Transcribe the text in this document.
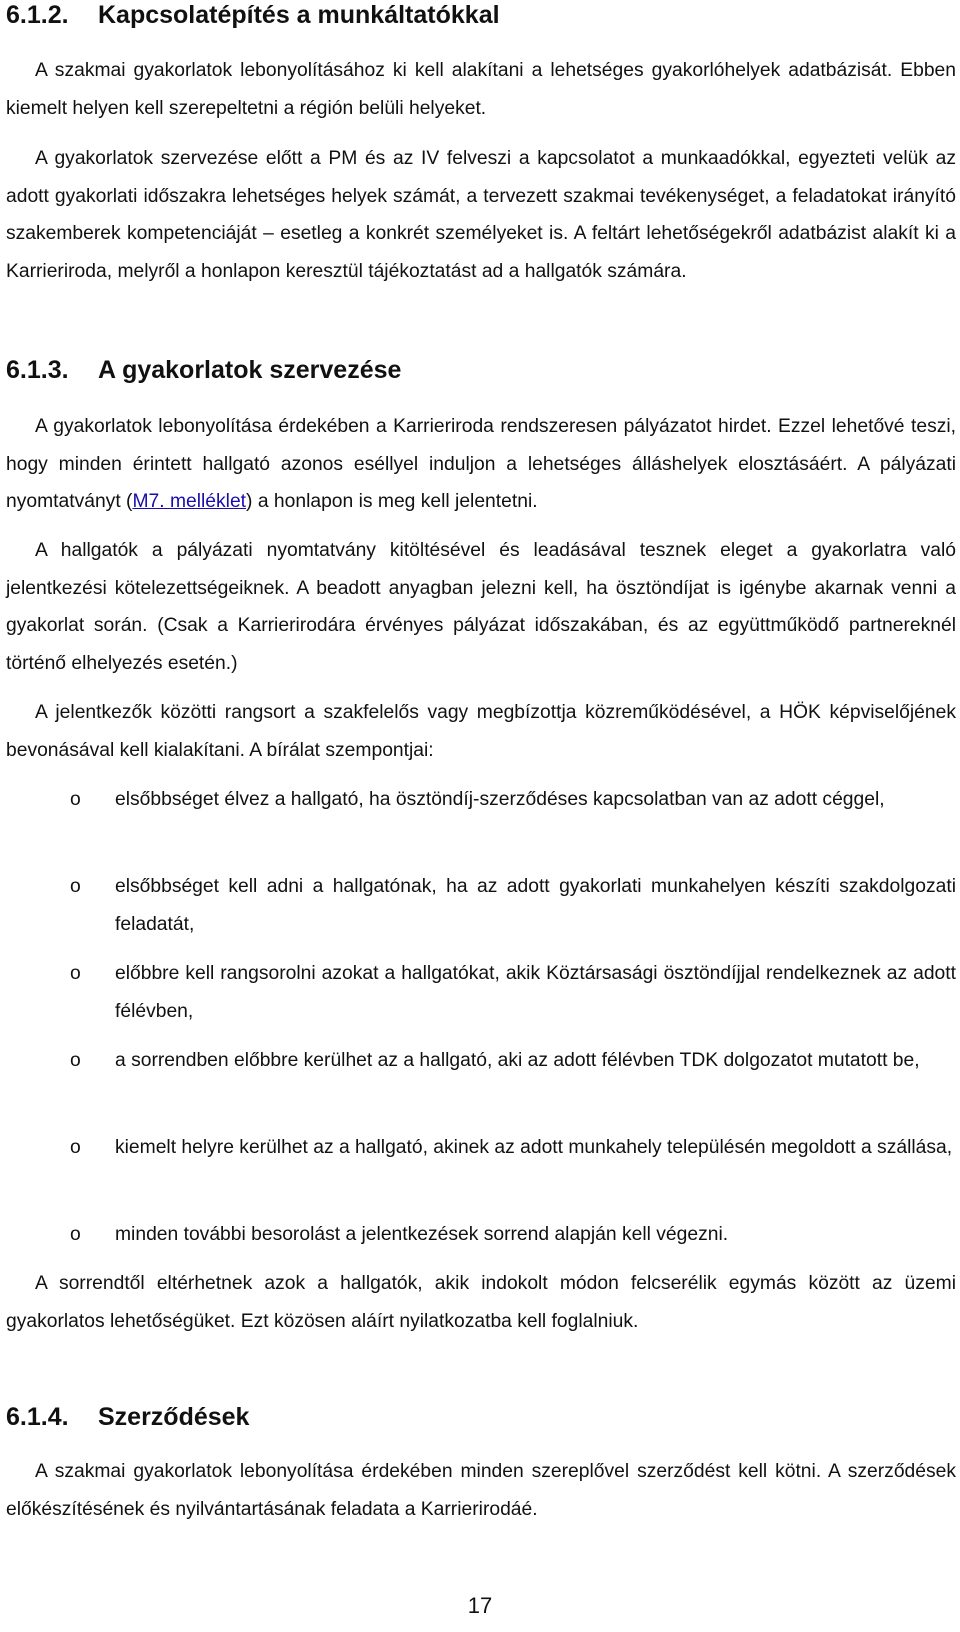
6.1.2. Kapcsolatépítés a munkáltatókkal

A szakmai gyakorlatok lebonyolításához ki kell alakítani a lehetséges gyakorlóhelyek adatbázisát. Ebben kiemelt helyen kell szerepeltetni a régión belüli helyeket.

A gyakorlatok szervezése előtt a PM és az IV felveszi a kapcsolatot a munkaadókkal, egyezteti velük az adott gyakorlati időszakra lehetséges helyek számát, a tervezett szakmai tevékenységet, a feladatokat irányító szakemberek kompetenciáját – esetleg a konkrét személyeket is. A feltárt lehetőségekről adatbázist alakít ki a Karrieriroda, melyről a honlapon keresztül tájékoztatást ad a hallgatók számára.

6.1.3. A gyakorlatok szervezése

A gyakorlatok lebonyolítása érdekében a Karrieriroda rendszeresen pályázatot hirdet. Ezzel lehetővé teszi, hogy minden érintett hallgató azonos eséllyel induljon a lehetséges álláshelyek elosztásáért. A pályázati nyomtatványt (M7. melléklet) a honlapon is meg kell jelentetni.

A hallgatók a pályázati nyomtatvány kitöltésével és leadásával tesznek eleget a gyakorlatra való jelentkezési kötelezettségeiknek. A beadott anyagban jelezni kell, ha ösztöndíjat is igénybe akarnak venni a gyakorlat során. (Csak a Karrierirodára érvényes pályázat időszakában, és az együttműködő partnereknél történő elhelyezés esetén.)

A jelentkezők közötti rangsort a szakfelelős vagy megbízottja közreműködésével, a HÖK képviselőjének bevonásával kell kialakítani. A bírálat szempontjai:

o elsőbbséget élvez a hallgató, ha ösztöndíj-szerződéses kapcsolatban van az adott céggel,
o elsőbbséget kell adni a hallgatónak, ha az adott gyakorlati munkahelyen készíti szakdolgozati feladatát,
o előbbre kell rangsorolni azokat a hallgatókat, akik Köztársasági ösztöndíjjal rendelkeznek az adott félévben,
o a sorrendben előbbre kerülhet az a hallgató, aki az adott félévben TDK dolgozatot mutatott be,
o kiemelt helyre kerülhet az a hallgató, akinek az adott munkahely településén megoldott a szállása,
o minden további besorolást a jelentkezések sorrend alapján kell végezni.

A sorrendtől eltérhetnek azok a hallgatók, akik indokolt módon felcserélik egymás között az üzemi gyakorlatos lehetőségüket. Ezt közösen aláírt nyilatkozatba kell foglalniuk.

6.1.4. Szerződések

A szakmai gyakorlatok lebonyolítása érdekében minden szereplővel szerződést kell kötni. A szerződések előkészítésének és nyilvántartásának feladata a Karrierirodáé.

17
